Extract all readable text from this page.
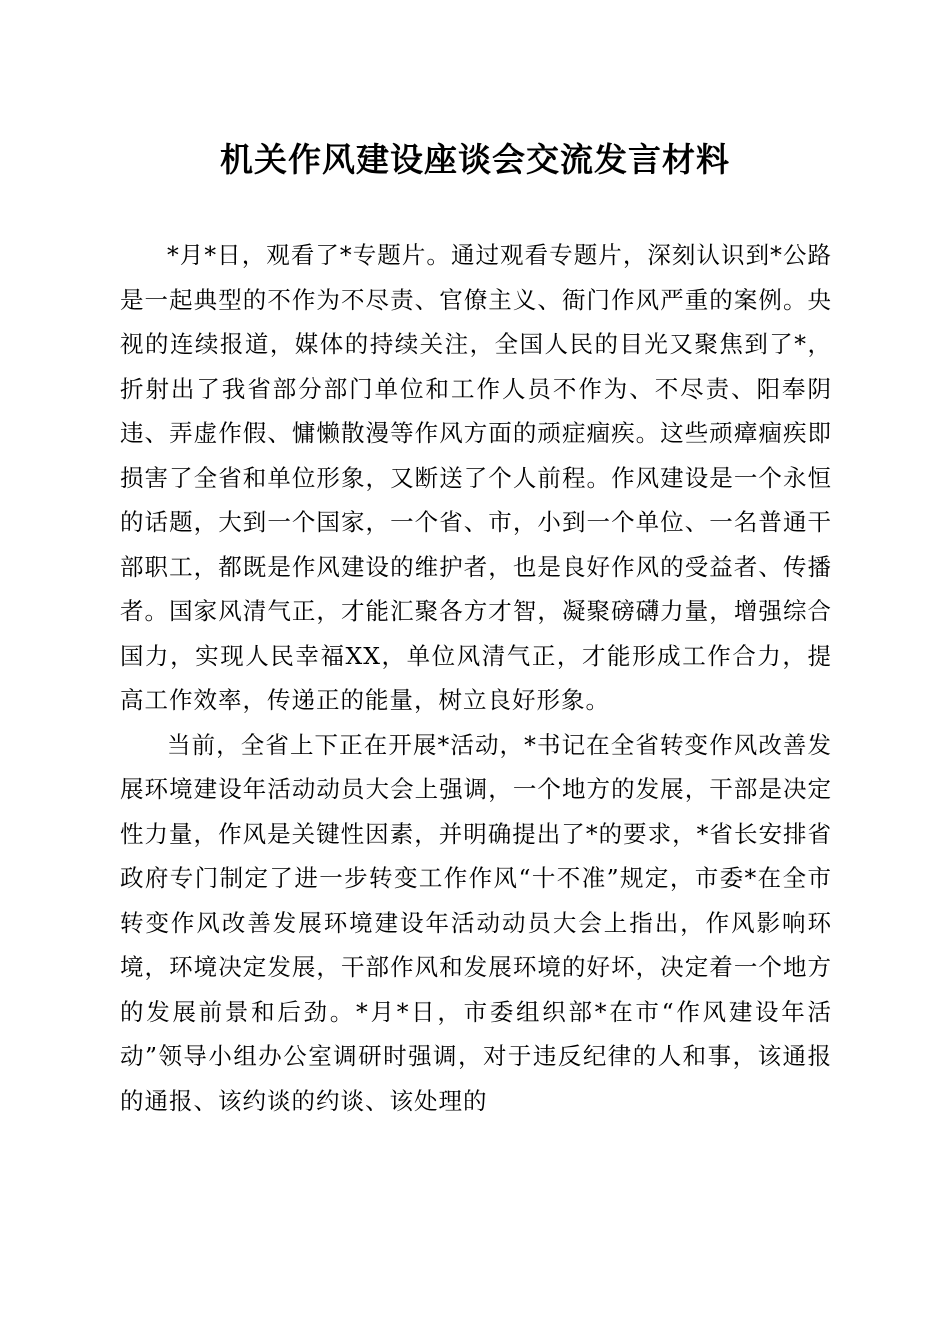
机关作风建设座谈会交流发言材料

*月*日，观看了*专题片。通过观看专题片，深刻认识到*公路是一起典型的不作为不尽责、官僚主义、衙门作风严重的案例。央视的连续报道，媒体的持续关注，全国人民的目光又聚焦到了*，折射出了我省部分部门单位和工作人员不作为、不尽责、阳奉阴违、弄虚作假、慵懒散漫等作风方面的顽症痼疾。这些顽瘴痼疾即损害了全省和单位形象，又断送了个人前程。作风建设是一个永恒的话题，大到一个国家，一个省、市，小到一个单位、一名普通干部职工，都既是作风建设的维护者，也是良好作风的受益者、传播者。国家风清气正，才能汇聚各方才智，凝聚磅礴力量，增强综合国力，实现人民幸福XX，单位风清气正，才能形成工作合力，提高工作效率，传递正的能量，树立良好形象。

当前，全省上下正在开展*活动，*书记在全省转变作风改善发展环境建设年活动动员大会上强调，一个地方的发展，干部是决定性力量，作风是关键性因素，并明确提出了*的要求，*省长安排省政府专门制定了进一步转变工作作风“十不准”规定，市委*在全市转变作风改善发展环境建设年活动动员大会上指出，作风影响环境，环境决定发展，干部作风和发展环境的好坏，决定着一个地方的发展前景和后劲。*月*日，市委组织部*在市“作风建设年活动”领导小组办公室调研时强调，对于违反纪律的人和事，该通报的通报、该约谈的约谈、该处理的
